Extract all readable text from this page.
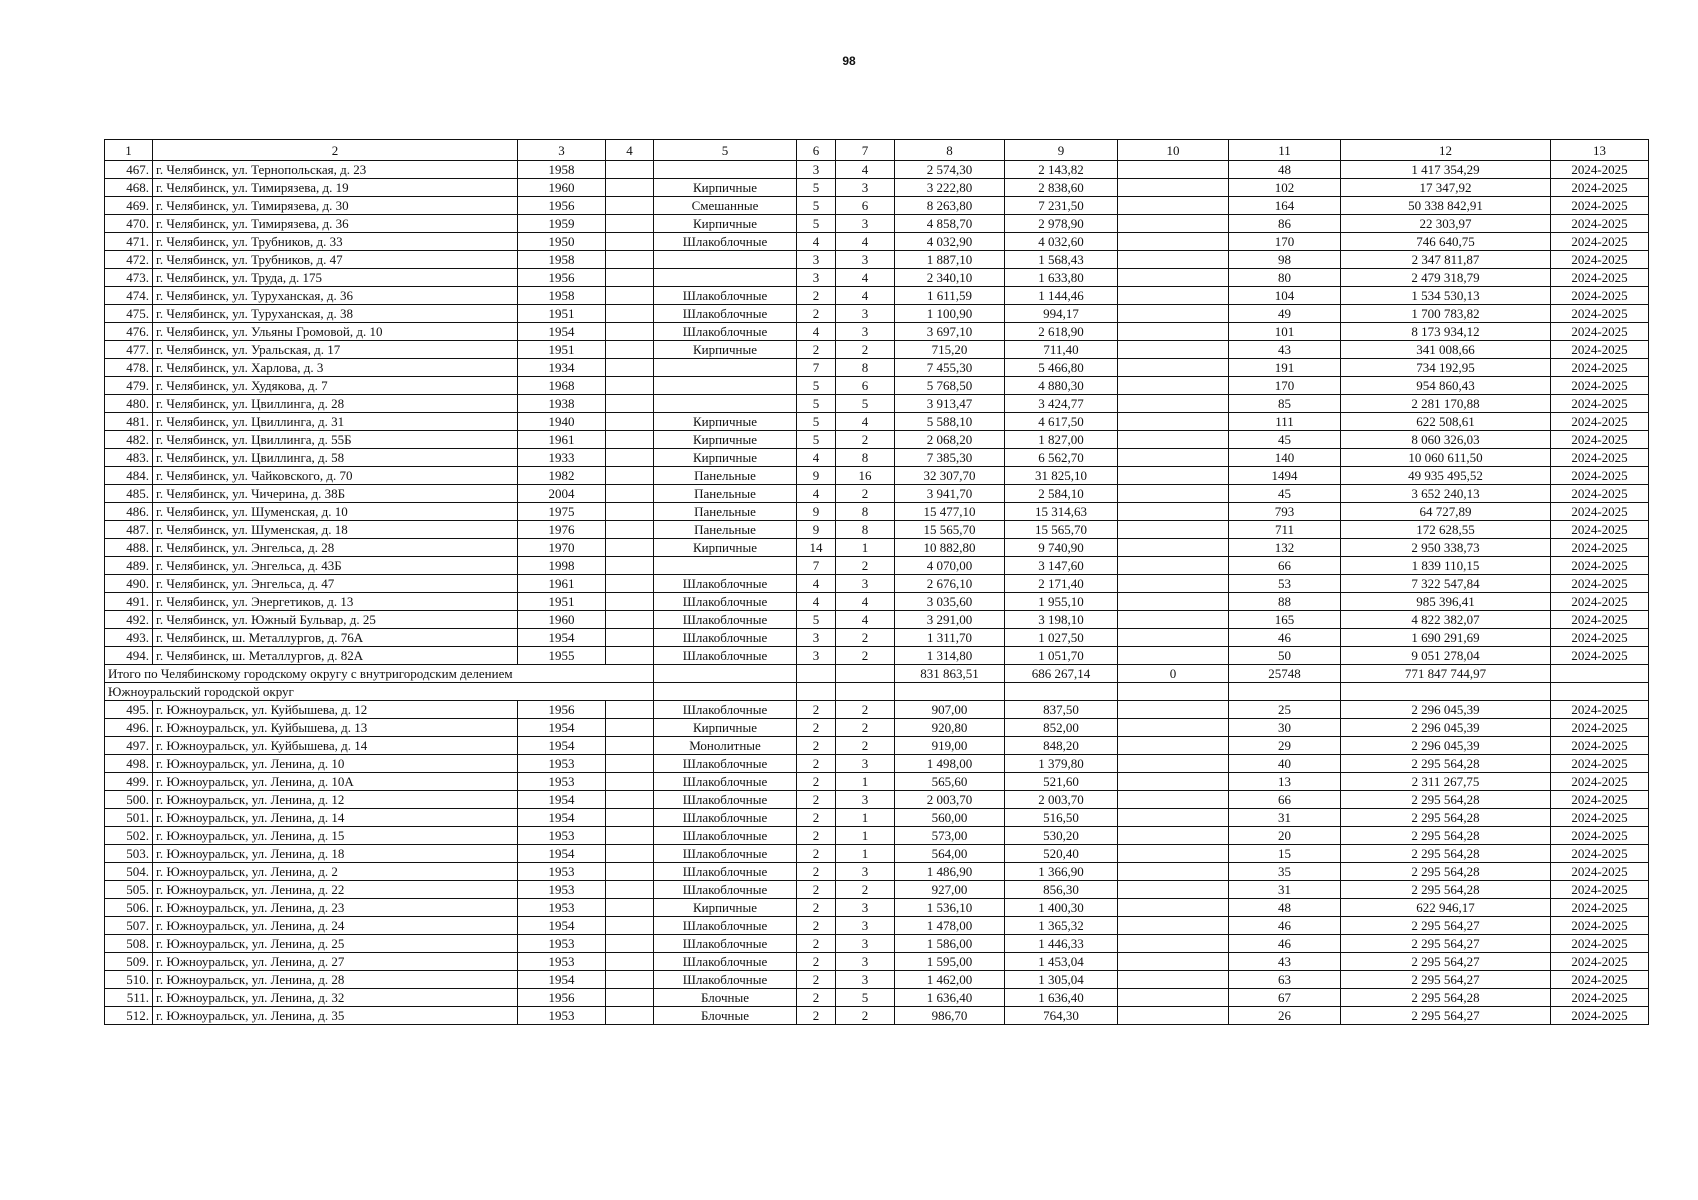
98
1	2	3	4	5	6	7	8	9	10	11	12	13
467.	г. Челябинск, ул. Тернопольская, д. 23	1958			3	4	2 574,30	2 143,82		48	1 417 354,29	2024-2025
468.	г. Челябинск, ул. Тимирязева, д. 19	1960		Кирпичные	5	3	3 222,80	2 838,60		102	17 347,92	2024-2025
469.	г. Челябинск, ул. Тимирязева, д. 30	1956		Смешанные	5	6	8 263,80	7 231,50		164	50 338 842,91	2024-2025
470.	г. Челябинск, ул. Тимирязева, д. 36	1959		Кирпичные	5	3	4 858,70	2 978,90		86	22 303,97	2024-2025
471.	г. Челябинск, ул. Трубников, д. 33	1950		Шлакоблочные	4	4	4 032,90	4 032,60		170	746 640,75	2024-2025
472.	г. Челябинск, ул. Трубников, д. 47	1958			3	3	1 887,10	1 568,43		98	2 347 811,87	2024-2025
473.	г. Челябинск, ул. Труда, д. 175	1956			3	4	2 340,10	1 633,80		80	2 479 318,79	2024-2025
474.	г. Челябинск, ул. Туруханская, д. 36	1958		Шлакоблочные	2	4	1 611,59	1 144,46		104	1 534 530,13	2024-2025
475.	г. Челябинск, ул. Туруханская, д. 38	1951		Шлакоблочные	2	3	1 100,90	994,17		49	1 700 783,82	2024-2025
476.	г. Челябинск, ул. Ульяны Громовой, д. 10	1954		Шлакоблочные	4	3	3 697,10	2 618,90		101	8 173 934,12	2024-2025
477.	г. Челябинск, ул. Уральская, д. 17	1951		Кирпичные	2	2	715,20	711,40		43	341 008,66	2024-2025
478.	г. Челябинск, ул. Харлова, д. 3	1934			7	8	7 455,30	5 466,80		191	734 192,95	2024-2025
479.	г. Челябинск, ул. Худякова, д. 7	1968			5	6	5 768,50	4 880,30		170	954 860,43	2024-2025
480.	г. Челябинск, ул. Цвиллинга, д. 28	1938			5	5	3 913,47	3 424,77		85	2 281 170,88	2024-2025
481.	г. Челябинск, ул. Цвиллинга, д. 31	1940		Кирпичные	5	4	5 588,10	4 617,50		111	622 508,61	2024-2025
482.	г. Челябинск, ул. Цвиллинга, д. 55Б	1961		Кирпичные	5	2	2 068,20	1 827,00		45	8 060 326,03	2024-2025
483.	г. Челябинск, ул. Цвиллинга, д. 58	1933		Кирпичные	4	8	7 385,30	6 562,70		140	10 060 611,50	2024-2025
484.	г. Челябинск, ул. Чайковского, д. 70	1982		Панельные	9	16	32 307,70	31 825,10		1494	49 935 495,52	2024-2025
485.	г. Челябинск, ул. Чичерина, д. 38Б	2004		Панельные	4	2	3 941,70	2 584,10		45	3 652 240,13	2024-2025
486.	г. Челябинск, ул. Шуменская, д. 10	1975		Панельные	9	8	15 477,10	15 314,63		793	64 727,89	2024-2025
487.	г. Челябинск, ул. Шуменская, д. 18	1976		Панельные	9	8	15 565,70	15 565,70		711	172 628,55	2024-2025
488.	г. Челябинск, ул. Энгельса, д. 28	1970		Кирпичные	14	1	10 882,80	9 740,90		132	2 950 338,73	2024-2025
489.	г. Челябинск, ул. Энгельса, д. 43Б	1998			7	2	4 070,00	3 147,60		66	1 839 110,15	2024-2025
490.	г. Челябинск, ул. Энгельса, д. 47	1961		Шлакоблочные	4	3	2 676,10	2 171,40		53	7 322 547,84	2024-2025
491.	г. Челябинск, ул. Энергетиков, д. 13	1951		Шлакоблочные	4	4	3 035,60	1 955,10		88	985 396,41	2024-2025
492.	г. Челябинск, ул. Южный Бульвар, д. 25	1960		Шлакоблочные	5	4	3 291,00	3 198,10		165	4 822 382,07	2024-2025
493.	г. Челябинск, ш. Металлургов, д. 76А	1954		Шлакоблочные	3	2	1 311,70	1 027,50		46	1 690 291,69	2024-2025
494.	г. Челябинск, ш. Металлургов, д. 82А	1955		Шлакоблочные	3	2	1 314,80	1 051,70		50	9 051 278,04	2024-2025
Итого по Челябинскому городскому округу с внутригородским делением							831 863,51	686 267,14	0	25748	771 847 744,97	
Южноуральский городской округ												
495.	г. Южноуральск, ул. Куйбышева, д. 12	1956		Шлакоблочные	2	2	907,00	837,50		25	2 296 045,39	2024-2025
496.	г. Южноуральск, ул. Куйбышева, д. 13	1954		Кирпичные	2	2	920,80	852,00		30	2 296 045,39	2024-2025
497.	г. Южноуральск, ул. Куйбышева, д. 14	1954		Монолитные	2	2	919,00	848,20		29	2 296 045,39	2024-2025
498.	г. Южноуральск, ул. Ленина, д. 10	1953		Шлакоблочные	2	3	1 498,00	1 379,80		40	2 295 564,28	2024-2025
499.	г. Южноуральск, ул. Ленина, д. 10А	1953		Шлакоблочные	2	1	565,60	521,60		13	2 311 267,75	2024-2025
500.	г. Южноуральск, ул. Ленина, д. 12	1954		Шлакоблочные	2	3	2 003,70	2 003,70		66	2 295 564,28	2024-2025
501.	г. Южноуральск, ул. Ленина, д. 14	1954		Шлакоблочные	2	1	560,00	516,50		31	2 295 564,28	2024-2025
502.	г. Южноуральск, ул. Ленина, д. 15	1953		Шлакоблочные	2	1	573,00	530,20		20	2 295 564,28	2024-2025
503.	г. Южноуральск, ул. Ленина, д. 18	1954		Шлакоблочные	2	1	564,00	520,40		15	2 295 564,28	2024-2025
504.	г. Южноуральск, ул. Ленина, д. 2	1953		Шлакоблочные	2	3	1 486,90	1 366,90		35	2 295 564,28	2024-2025
505.	г. Южноуральск, ул. Ленина, д. 22	1953		Шлакоблочные	2	2	927,00	856,30		31	2 295 564,28	2024-2025
506.	г. Южноуральск, ул. Ленина, д. 23	1953		Кирпичные	2	3	1 536,10	1 400,30		48	622 946,17	2024-2025
507.	г. Южноуральск, ул. Ленина, д. 24	1954		Шлакоблочные	2	3	1 478,00	1 365,32		46	2 295 564,27	2024-2025
508.	г. Южноуральск, ул. Ленина, д. 25	1953		Шлакоблочные	2	3	1 586,00	1 446,33		46	2 295 564,27	2024-2025
509.	г. Южноуральск, ул. Ленина, д. 27	1953		Шлакоблочные	2	3	1 595,00	1 453,04		43	2 295 564,27	2024-2025
510.	г. Южноуральск, ул. Ленина, д. 28	1954		Шлакоблочные	2	3	1 462,00	1 305,04		63	2 295 564,27	2024-2025
511.	г. Южноуральск, ул. Ленина, д. 32	1956		Блочные	2	5	1 636,40	1 636,40		67	2 295 564,28	2024-2025
512.	г. Южноуральск, ул. Ленина, д. 35	1953		Блочные	2	2	986,70	764,30		26	2 295 564,27	2024-2025
